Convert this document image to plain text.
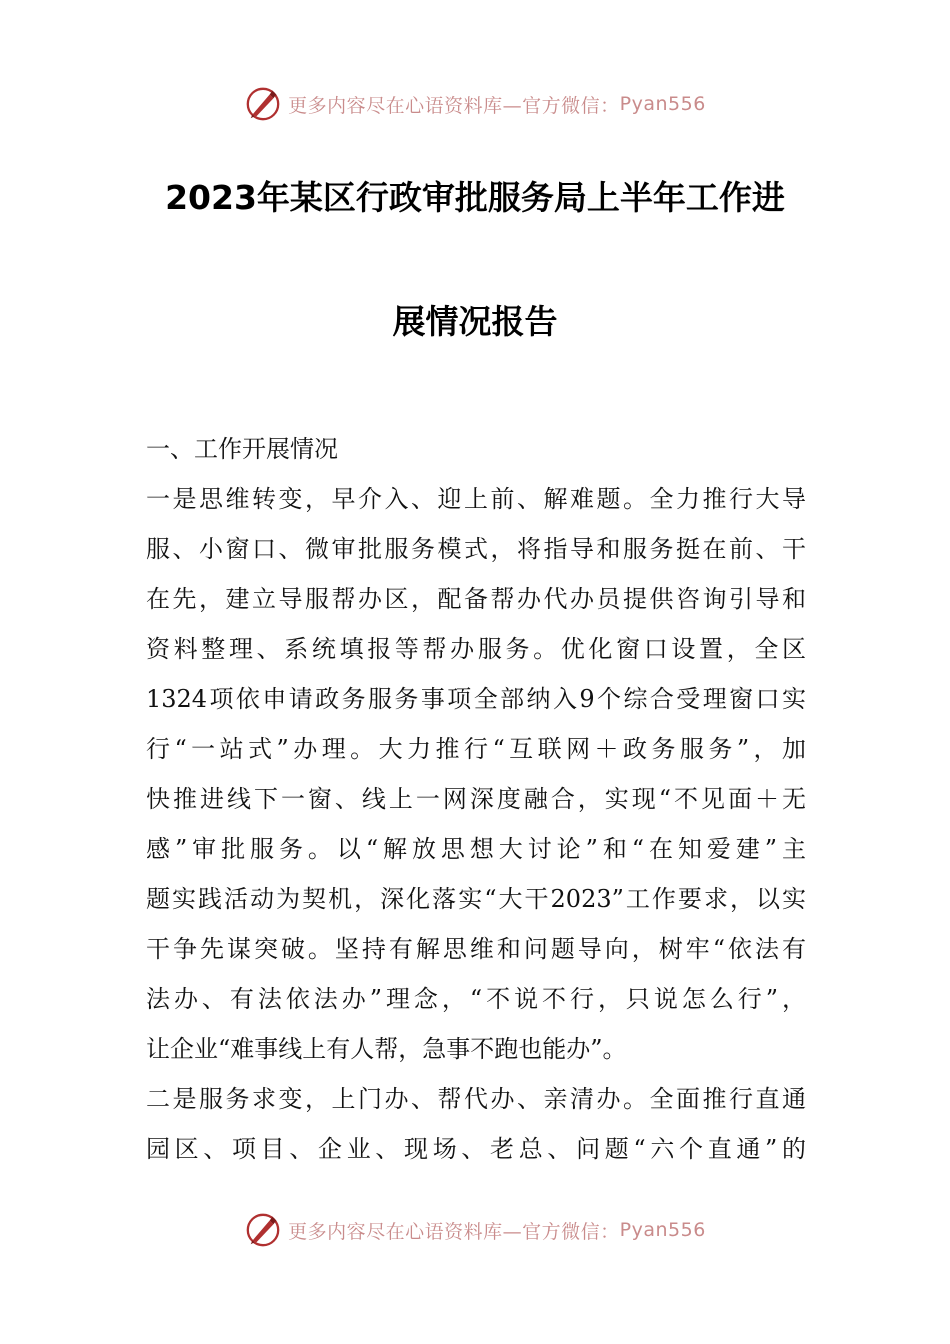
更多内容尽在心语资料库—官方微信： Pyan556
2023年某区行政审批服务局上半年工作进
展情况报告
一、工作开展情况
一是思维转变，早介入、迎上前、解难题。全力推行大导
服、小窗口、微审批服务模式，将指导和服务挺在前、干
在先，建立导服帮办区，配备帮办代办员提供咨询引导和
资料整理、系统填报等帮办服务。优化窗口设置，全区
1324项依申请政务服务事项全部纳入9个综合受理窗口实
行“一站式”办理。大力推行“互联网＋政务服务”，加
快推进线下一窗、线上一网深度融合，实现“不见面＋无
感”审批服务。以“解放思想大讨论”和“在知爱建”主
题实践活动为契机，深化落实“大干2023”工作要求，以实
干争先谋突破。坚持有解思维和问题导向，树牢“依法有
法办、有法依法办”理念，“不说不行，只说怎么行”，
让企业“难事线上有人帮，急事不跑也能办”。
二是服务求变，上门办、帮代办、亲清办。全面推行直通
园区、项目、企业、现场、老总、问题“六个直通”的
更多内容尽在心语资料库—官方微信： Pyan556
